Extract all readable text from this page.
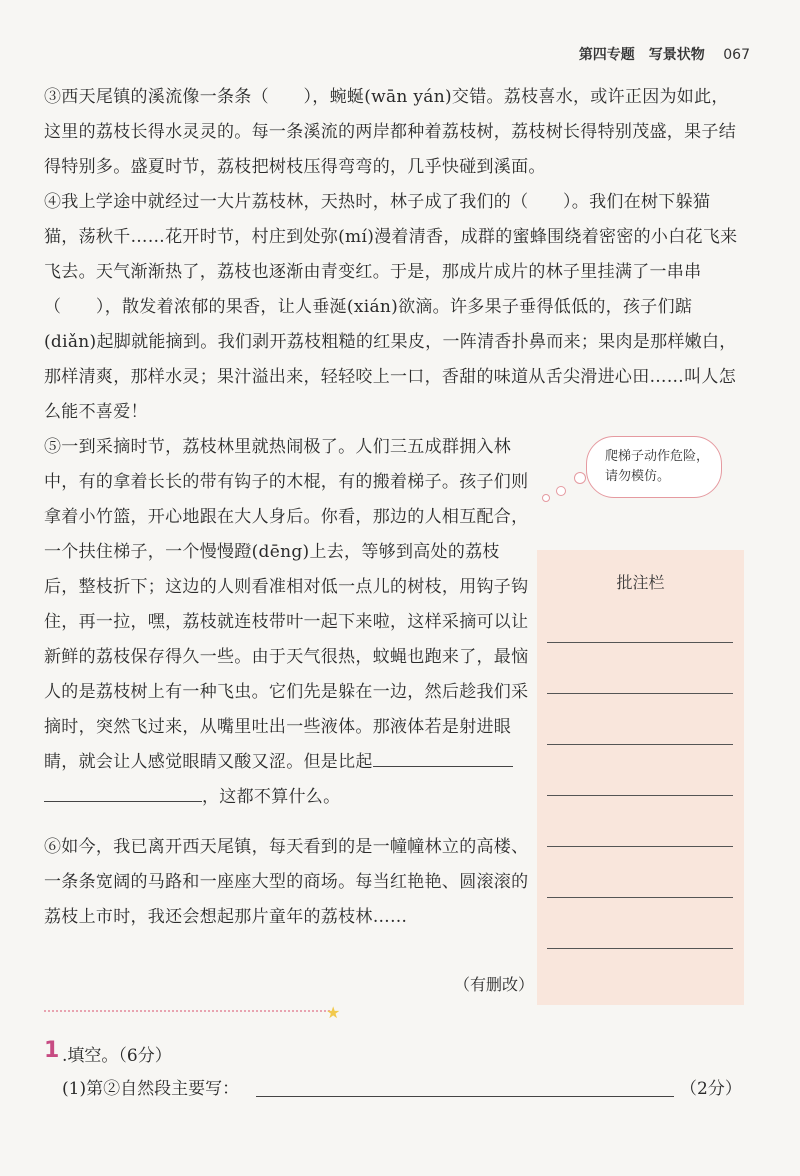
第四专题　写景状物 067

③西天尾镇的溪流像一条条（　　），蜿蜒(wān yán)交错。荔枝喜水，或许正因为如此，这里的荔枝长得水灵灵的。每一条溪流的两岸都种着荔枝树，荔枝树长得特别茂盛，果子结得特别多。盛夏时节，荔枝把树枝压得弯弯的，几乎快碰到溪面。

④我上学途中就经过一大片荔枝林，天热时，林子成了我们的（　　）。我们在树下躲猫猫，荡秋千……花开时节，村庄到处弥(mí)漫着清香，成群的蜜蜂围绕着密密的小白花飞来飞去。天气渐渐热了，荔枝也逐渐由青变红。于是，那成片成片的林子里挂满了一串串（　　），散发着浓郁的果香，让人垂涎(xián)欲滴。许多果子垂得低低的，孩子们踮(diǎn)起脚就能摘到。我们剥开荔枝粗糙的红果皮，一阵清香扑鼻而来；果肉是那样嫩白，那样清爽，那样水灵；果汁溢出来，轻轻咬上一口，香甜的味道从舌尖滑进心田……叫人怎么能不喜爱！

⑤一到采摘时节，荔枝林里就热闹极了。人们三五成群拥入林中，有的拿着长长的带有钩子的木棍，有的搬着梯子。孩子们则拿着小竹篮，开心地跟在大人身后。你看，那边的人相互配合，一个扶住梯子，一个慢慢蹬(dēng)上去，等够到高处的荔枝后，整枝折下；这边的人则看准相对低一点儿的树枝，用钩子钩住，再一拉，嘿，荔枝就连枝带叶一起下来啦，这样采摘可以让新鲜的荔枝保存得久一些。由于天气很热，蚊蝇也跑来了，最恼人的是荔枝树上有一种飞虫。它们先是躲在一边，然后趁我们采摘时，突然飞过来，从嘴里吐出一些液体。那液体若是射进眼睛，就会让人感觉眼睛又酸又涩。但是比起，这都不算什么。

⑥如今，我已离开西天尾镇，每天看到的是一幢幢林立的高楼、一条条宽阔的马路和一座座大型的商场。每当红艳艳、圆滚滚的荔枝上市时，我还会想起那片童年的荔枝林……

（有删改）
爬梯子动作危险，请勿模仿。
批注栏
★
1 .填空。（6分）
(1)第②自然段主要写：	（2分）
